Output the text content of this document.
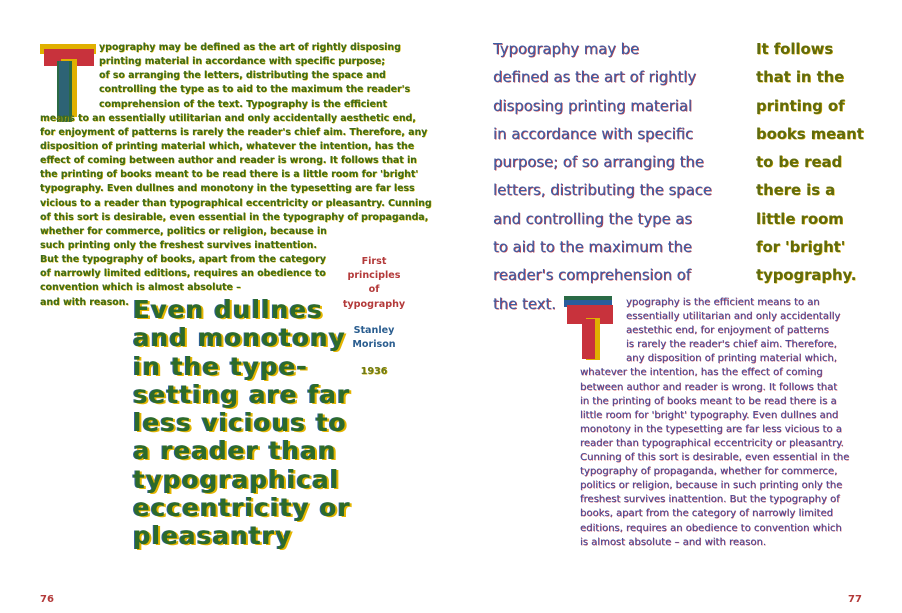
ypography may be defined as the art of rightly disposing
printing material in accordance with specific purpose;
of so arranging the letters, distributing the space and
controlling the type as to aid to the maximum the reader's
comprehension of the text. Typography is the efficient
means to an essentially utilitarian and only accidentally aesthetic end,
for enjoyment of patterns is rarely the reader's chief aim. Therefore, any
disposition of printing material which, whatever the intention, has the
effect of coming between author and reader is wrong. It follows that in
the printing of books meant to be read there is a little room for 'bright'
typography. Even dullnes and monotony in the typesetting are far less
vicious to a reader than typographical eccentricity or pleasantry. Cunning
of this sort is desirable, even essential in the typography of propaganda,
whether for commerce, politics or religion, because in
such printing only the freshest survives inattention.
But the typography of books, apart from the category
of narrowly limited editions, requires an obedience to
convention which is almost absolute –
and with reason. Even dullnes
and monotony
in the type-
setting are far
less vicious to
a reader than
typographical
eccentricity or
pleasantry
First
principles
of
typography
Stanley
Morison
1936
76
Typography may be
defined as the art of rightly
disposing printing material
in accordance with specific
purpose; of so arranging the
letters, distributing the space
and controlling the type as
to aid to the maximum the
reader's comprehension of
the text.
It follows
that in the
printing of
books meant
to be read
there is a
little room
for 'bright'
typography.
ypography is the efficient means to an
essentially utilitarian and only accidentally
aestethic end, for enjoyment of patterns
is rarely the reader's chief aim. Therefore,
any disposition of printing material which,
whatever the intention, has the effect of coming
between author and reader is wrong. It follows that
in the printing of books meant to be read there is a
little room for 'bright' typography. Even dullnes and
monotony in the typesetting are far less vicious to a
reader than typographical eccentricity or pleasantry.
Cunning of this sort is desirable, even essential in the
typography of propaganda, whether for commerce,
politics or religion, because in such printing only the
freshest survives inattention. But the typography of
books, apart from the category of narrowly limited
editions, requires an obedience to convention which
is almost absolute – and with reason.
77
